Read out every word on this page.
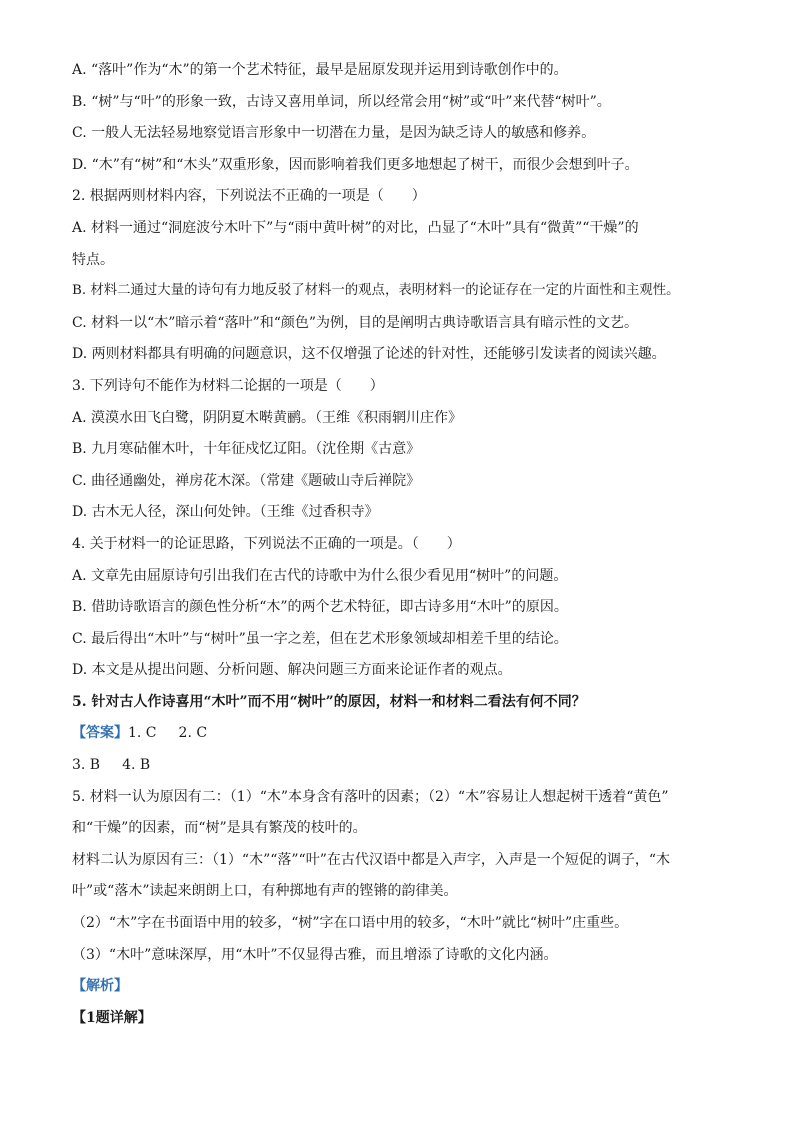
A. “落叶”作为“木”的第一个艺术特征，最早是屈原发现并运用到诗歌创作中的。
B. “树”与“叶”的形象一致，古诗又喜用单词，所以经常会用“树”或“叶”来代替“树叶”。
C. 一般人无法轻易地察觉语言形象中一切潜在力量，是因为缺乏诗人的敏感和修养。
D. “木”有“树”和“木头”双重形象，因而影响着我们更多地想起了树干，而很少会想到叶子。
2. 根据两则材料内容，下列说法不正确的一项是（　　）
A. 材料一通过“洞庭波兮木叶下”与“雨中黄叶树”的对比，凸显了“木叶”具有“微黄”“干燥”的
特点。
B. 材料二通过大量的诗句有力地反驳了材料一的观点，表明材料一的论证存在一定的片面性和主观性。
C. 材料一以“木”暗示着“落叶”和“颜色”为例，目的是阐明古典诗歌语言具有暗示性的文艺。
D. 两则材料都具有明确的问题意识，这不仅增强了论述的针对性，还能够引发读者的阅读兴趣。
3. 下列诗句不能作为材料二论据的一项是（　　）
A. 漠漠水田飞白鹭，阴阴夏木啭黄鹂。（王维《积雨辋川庄作》
B. 九月寒砧催木叶，十年征戍忆辽阳。（沈佺期《古意》
C. 曲径通幽处，禅房花木深。（常建《题破山寺后禅院》
D. 古木无人径，深山何处钟。（王维《过香积寺》
4. 关于材料一的论证思路，下列说法不正确的一项是。（　　）
A. 文章先由屈原诗句引出我们在古代的诗歌中为什么很少看见用“树叶”的问题。
B. 借助诗歌语言的颜色性分析“木”的两个艺术特征，即古诗多用“木叶”的原因。
C. 最后得出“木叶”与“树叶”虽一字之差，但在艺术形象领域却相差千里的结论。
D. 本文是从提出问题、分析问题、解决问题三方面来论证作者的观点。
5. 针对古人作诗喜用“木叶”而不用“树叶”的原因，材料一和材料二看法有何不同？
【答案】1. C 2. C
3. B 4. B
5. 材料一认为原因有二：（1）“木”本身含有落叶的因素；（2）“木”容易让人想起树干透着“黄色”
和“干燥”的因素，而“树”是具有繁茂的枝叶的。
材料二认为原因有三：（1）“木”“落”“叶”在古代汉语中都是入声字，入声是一个短促的调子，“木
叶”或“落木”读起来朗朗上口，有种掷地有声的铿锵的韵律美。
（2）“木”字在书面语中用的较多，“树”字在口语中用的较多，“木叶”就比“树叶”庄重些。
（3）“木叶”意味深厚，用“木叶”不仅显得古雅，而且增添了诗歌的文化内涵。
【解析】
【1题详解】
